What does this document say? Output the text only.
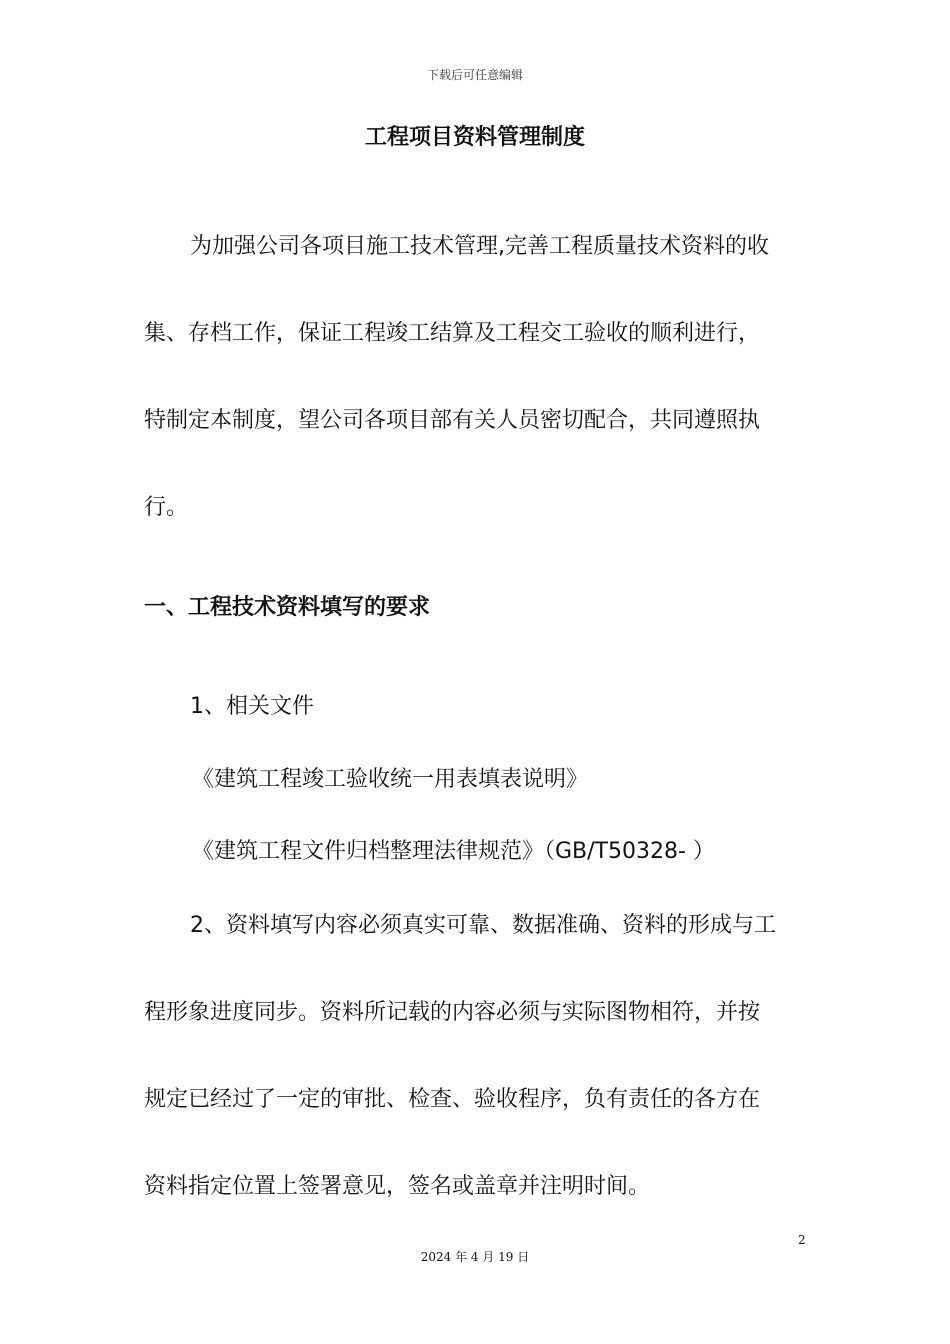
下载后可任意编辑
工程项目资料管理制度
为加强公司各项目施工技术管理,完善工程质量技术资料的收
集、存档工作，保证工程竣工结算及工程交工验收的顺利进行，
特制定本制度，望公司各项目部有关人员密切配合，共同遵照执
行。
一、工程技术资料填写的要求
1、相关文件
《建筑工程竣工验收统一用表填表说明》
《建筑工程文件归档整理法律规范》（GB/T50328- ）
2、资料填写内容必须真实可靠、数据准确、资料的形成与工
程形象进度同步。资料所记载的内容必须与实际图物相符，并按
规定已经过了一定的审批、检查、验收程序，负有责任的各方在
资料指定位置上签署意见，签名或盖章并注明时间。
2
2024 年 4 月 19 日
